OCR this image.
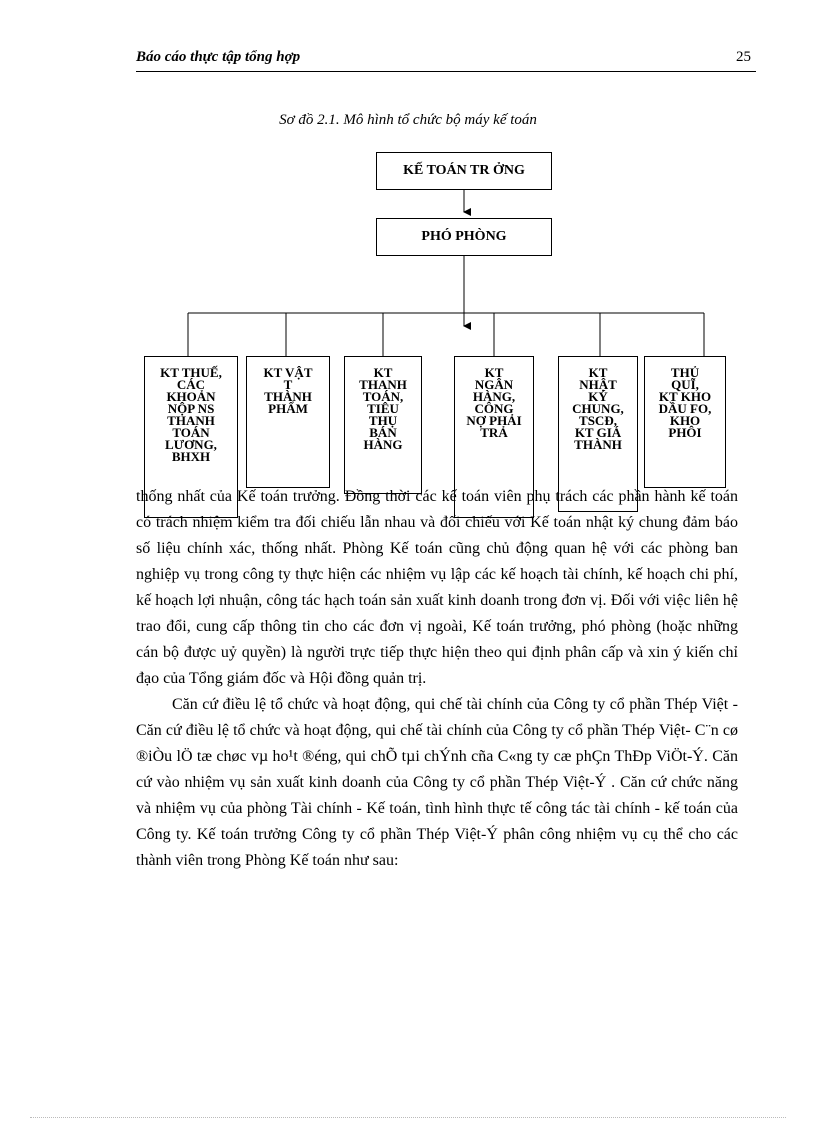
Báo cáo thực tập tổng hợp	25
Sơ đồ 2.1. Mô hình tổ chức bộ máy kế toán
KẾ TOÁN TR ỞNG
PHÓ PHÒNG
KT THUẾ,
CÁC
KHOẢN
NỘP NS
THANH
TOÁN
LƯƠNG,
BHXH
KT VẬT
T
THÀNH
PHẨM
KT
THANH
TOÁN,
TIÊU
THỤ
BÁN
HÀNG
KT
NGÂN
HÀNG,
CÔNG
NỢ PHẢI
TRẢ
KT
NHẬT
KÝ
CHUNG,
TSCĐ,
KT GIÁ
THÀNH
THỦ
QUĨ,
KT KHO
DẦU FO,
KHO
PHÔI

thống nhất của Kế toán trưởng. Đồng thời các kế toán viên phụ trách các phần hành kế toán có trách nhiệm kiểm tra đối chiếu lẫn nhau và đối chiếu với Kế toán nhật ký chung đảm báo số liệu chính xác, thống nhất. Phòng Kế toán cũng chủ động quan hệ với các phòng ban nghiệp vụ trong công ty thực hiện các nhiệm vụ lập các kế hoạch tài chính, kế hoạch chi phí, kế hoạch lợi nhuận, công tác hạch toán sản xuất kinh doanh trong đơn vị. Đối với việc liên hệ trao đổi, cung cấp thông tin cho các đơn vị ngoài, Kế toán trưởng, phó phòng (hoặc những cán bộ được uỷ quyền) là người trực tiếp thực hiện theo qui định phân cấp và xin ý kiến chỉ đạo của Tổng giám đốc và Hội đồng quản trị.

Căn cứ điều lệ tổ chức và hoạt động, qui chế tài chính của Công ty cổ phần Thép Việt - Căn cứ điều lệ tổ chức và hoạt động, qui chế tài chính của Công ty cổ phần Thép Việt- C¨n cø ®iÒu lÖ tæ chøc vµ ho¹t ®éng, qui chÕ tµi chÝnh cña C«ng ty cæ phÇn ThÐp ViÖt-Ý. Căn cứ vào nhiệm vụ sản xuất kinh doanh của Công ty cổ phần Thép Việt-Ý . Căn cứ chức năng và nhiệm vụ của phòng Tài chính - Kế toán, tình hình thực tế công tác tài chính - kế toán của Công ty. Kế toán trưởng Công ty cổ phần Thép Việt-Ý phân công nhiệm vụ cụ thể cho các thành viên trong Phòng Kế toán như sau:
